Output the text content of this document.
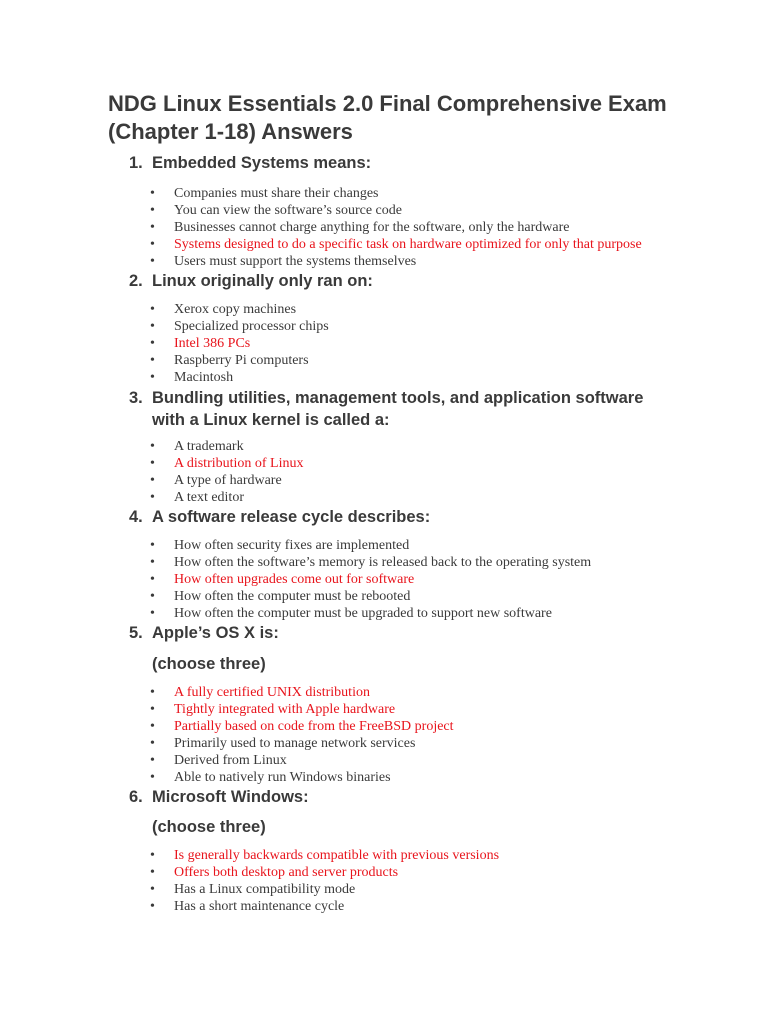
NDG Linux Essentials 2.0 Final Comprehensive Exam (Chapter 1-18) Answers
1. Embedded Systems means:
• Companies must share their changes
• You can view the software’s source code
• Businesses cannot charge anything for the software, only the hardware
• Systems designed to do a specific task on hardware optimized for only that purpose
• Users must support the systems themselves
2. Linux originally only ran on:
• Xerox copy machines
• Specialized processor chips
• Intel 386 PCs
• Raspberry Pi computers
• Macintosh
3. Bundling utilities, management tools, and application software with a Linux kernel is called a:
• A trademark
• A distribution of Linux
• A type of hardware
• A text editor
4. A software release cycle describes:
• How often security fixes are implemented
• How often the software’s memory is released back to the operating system
• How often upgrades come out for software
• How often the computer must be rebooted
• How often the computer must be upgraded to support new software
5. Apple’s OS X is:
(choose three)
• A fully certified UNIX distribution
• Tightly integrated with Apple hardware
• Partially based on code from the FreeBSD project
• Primarily used to manage network services
• Derived from Linux
• Able to natively run Windows binaries
6. Microsoft Windows:
(choose three)
• Is generally backwards compatible with previous versions
• Offers both desktop and server products
• Has a Linux compatibility mode
• Has a short maintenance cycle
